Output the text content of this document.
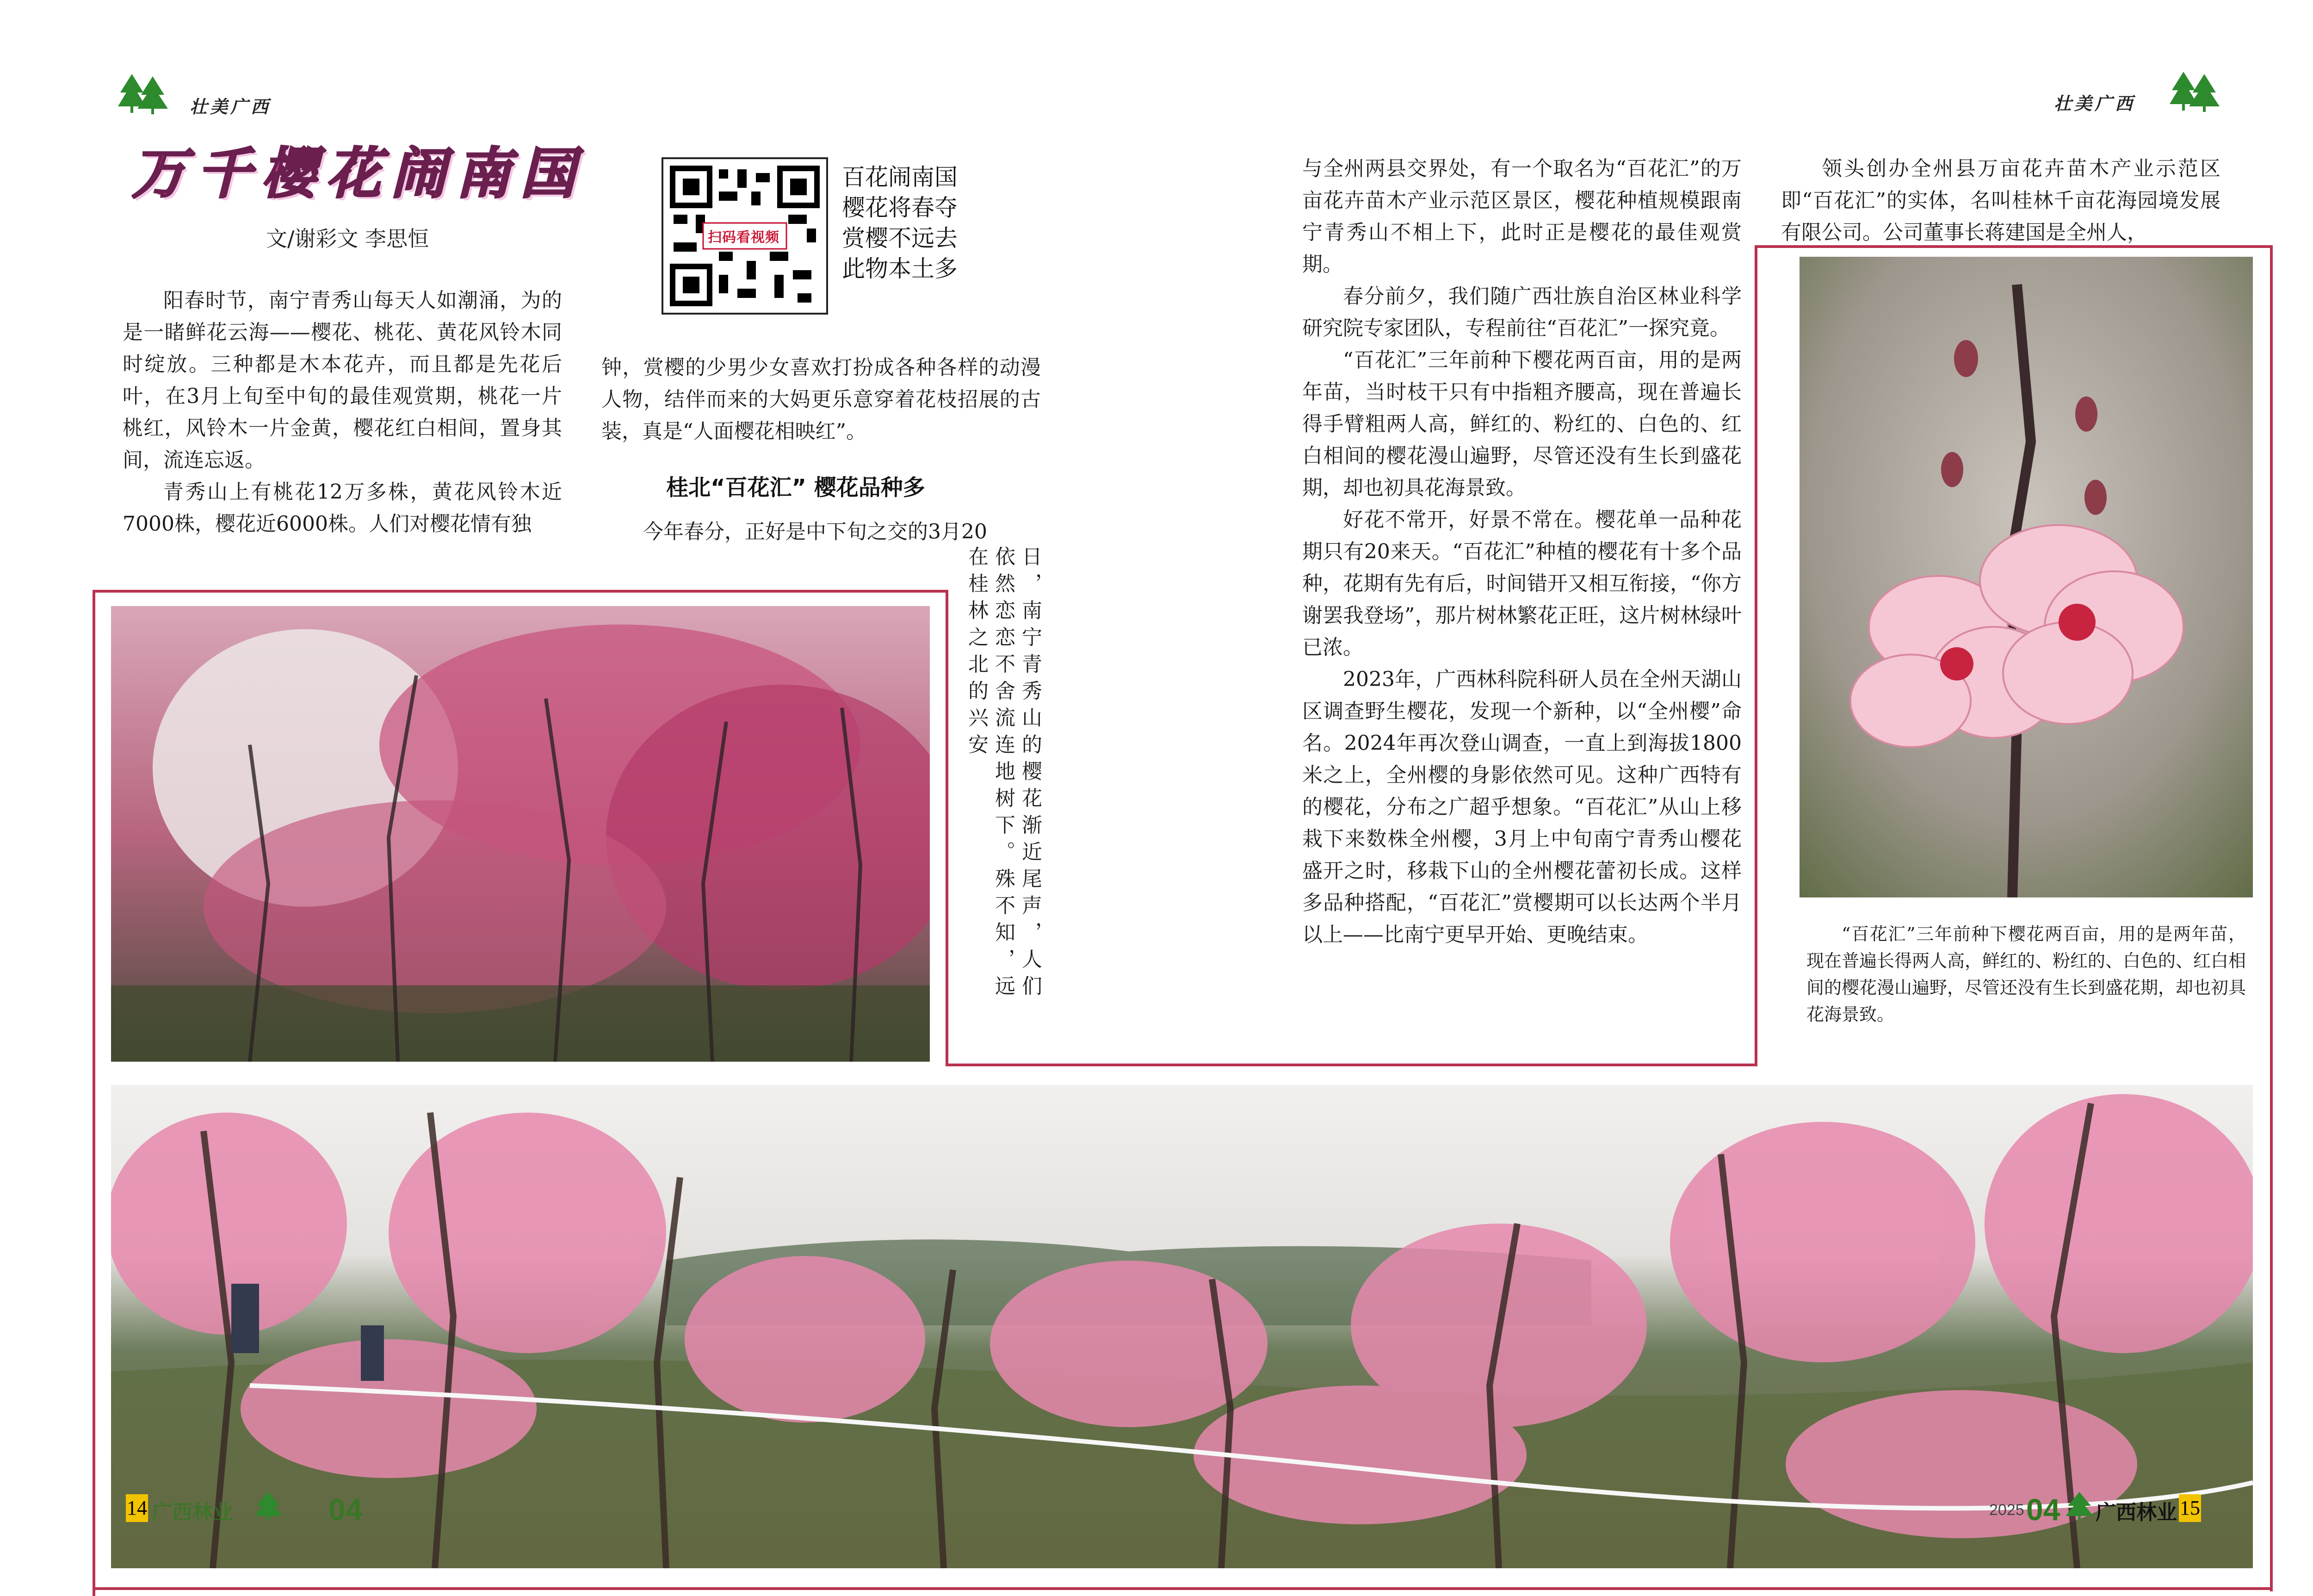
壮美广西	壮美广西
万千樱花闹南国
文/谢彩文 李思恒	扫码看视频
百花闹南国
樱花将春夺
赏樱不远去
此物本土多

阳春时节，南宁青秀山每天人如潮涌，为的是一睹鲜花云海——樱花、桃花、黄花风铃木同时绽放。三种都是木本花卉，而且都是先花后叶，在3月上旬至中旬的最佳观赏期，桃花一片桃红，风铃木一片金黄，樱花红白相间，置身其间，流连忘返。

青秀山上有桃花12万多株，黄花风铃木近7000株，樱花近6000株。人们对樱花情有独

钟，赏樱的少男少女喜欢打扮成各种各样的动漫人物，结伴而来的大妈更乐意穿着花枝招展的古装，真是“人面樱花相映红”。

桂北“百花汇” 樱花品种多
今年春分，正好是中下旬之交的3月20
日，南宁青秀山的樱花渐近尾声，人们依然恋恋不舍流连地树下。殊不知，远在桂林之北的兴安

与全州两县交界处，有一个取名为“百花汇”的万亩花卉苗木产业示范区景区，樱花种植规模跟南宁青秀山不相上下，此时正是樱花的最佳观赏期。

春分前夕，我们随广西壮族自治区林业科学研究院专家团队，专程前往“百花汇”一探究竟。

“百花汇”三年前种下樱花两百亩，用的是两年苗，当时枝干只有中指粗齐腰高，现在普遍长得手臂粗两人高，鲜红的、粉红的、白色的、红白相间的樱花漫山遍野，尽管还没有生长到盛花期，却也初具花海景致。

好花不常开，好景不常在。樱花单一品种花期只有20来天。“百花汇”种植的樱花有十多个品种，花期有先有后，时间错开又相互衔接，“你方谢罢我登场”，那片树林繁花正旺，这片树林绿叶已浓。

2023年，广西林科院科研人员在全州天湖山区调查野生樱花，发现一个新种，以“全州樱”命名。2024年再次登山调查，一直上到海拔1800米之上，全州樱的身影依然可见。这种广西特有的樱花，分布之广超乎想象。“百花汇”从山上移栽下来数株全州樱，3月上中旬南宁青秀山樱花盛开之时，移栽下山的全州樱花蕾初长成。这样多品种搭配，“百花汇”赏樱期可以长达两个半月以上——比南宁更早开始、更晚结束。

领头创办全州县万亩花卉苗木产业示范区即“百花汇”的实体，名叫桂林千亩花海园境发展有限公司。公司董事长蒋建国是全州人，

“百花汇”三年前种下樱花两百亩，用的是两年苗，现在普遍长得两人高，鲜红的、粉红的、白色的、红白相间的樱花漫山遍野，尽管还没有生长到盛花期，却也初具花海景致。

14 广西林业	04	2025 04 广西林业 15
